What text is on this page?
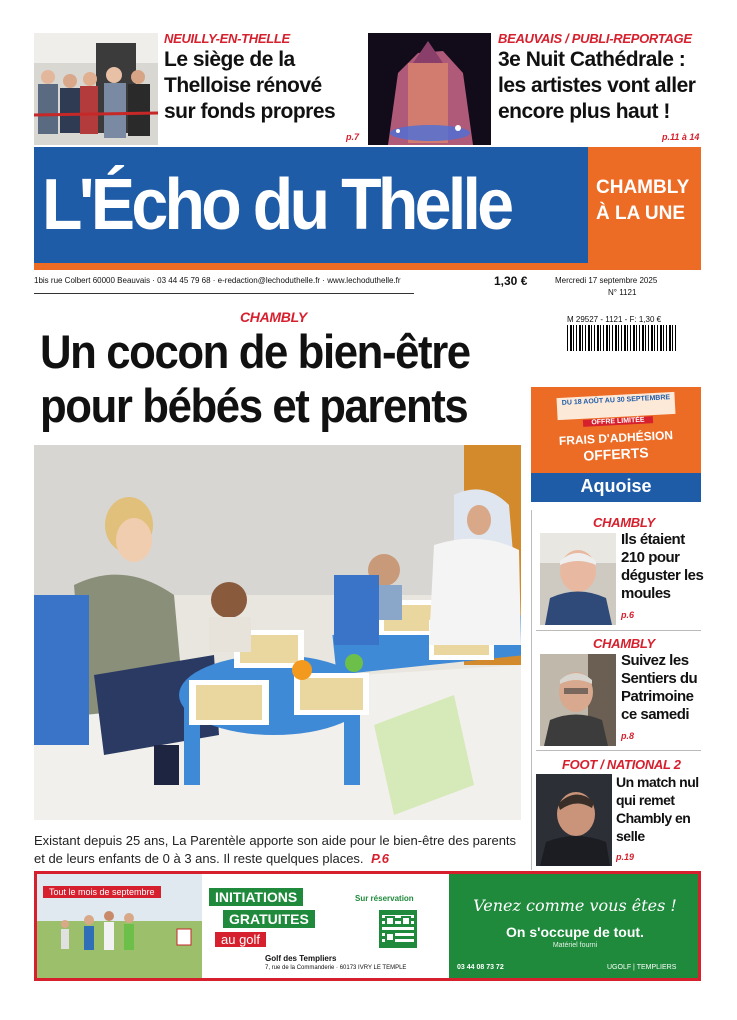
NEUILLY-EN-THELLE
Le siège de la Thelloise rénové sur fonds propres
p.7
BEAUVAIS / PUBLI-REPORTAGE
3e Nuit Cathédrale : les artistes vont aller encore plus haut !
p.11 à 14
L'Écho du Thelle	CHAMBLY
À LA UNE
1bis rue Colbert 60000 Beauvais · 03 44 45 79 68 · e-redaction@lechoduthelle.fr · www.lechoduthelle.fr	1,30 €	Mercredi 17 septembre 2025
N° 1121
M 29527 - 1121 - F: 1,30 €
CHAMBLY
Un cocon de bien-être
pour bébés et parents
Existant depuis 25 ans, La Parentèle apporte son aide pour le bien-être des parents et de leurs enfants de 0 à 3 ans. Il reste quelques places. P.6
DU 18 AOÛT AU 30 SEPTEMBRE
OFFRE LIMITÉE
FRAIS D'ADHÉSION
OFFERTS
Aquoise
CHAMBLY
Ils étaient 210 pour déguster les moules
p.6
CHAMBLY
Suivez les Sentiers du Patrimoine ce samedi
p.8
FOOT / NATIONAL 2
Un match nul qui remet Chambly en selle
p.19
Tout le mois de septembre	INITIATIONS
GRATUITES
au golf
Golf des Templiers
7, rue de la Commanderie · 60173 IVRY LE TEMPLE
Sur réservation	Venez comme vous êtes !
On s'occupe de tout.
Matériel fourni
03 44 08 73 72	UGOLF | TEMPLIERS
